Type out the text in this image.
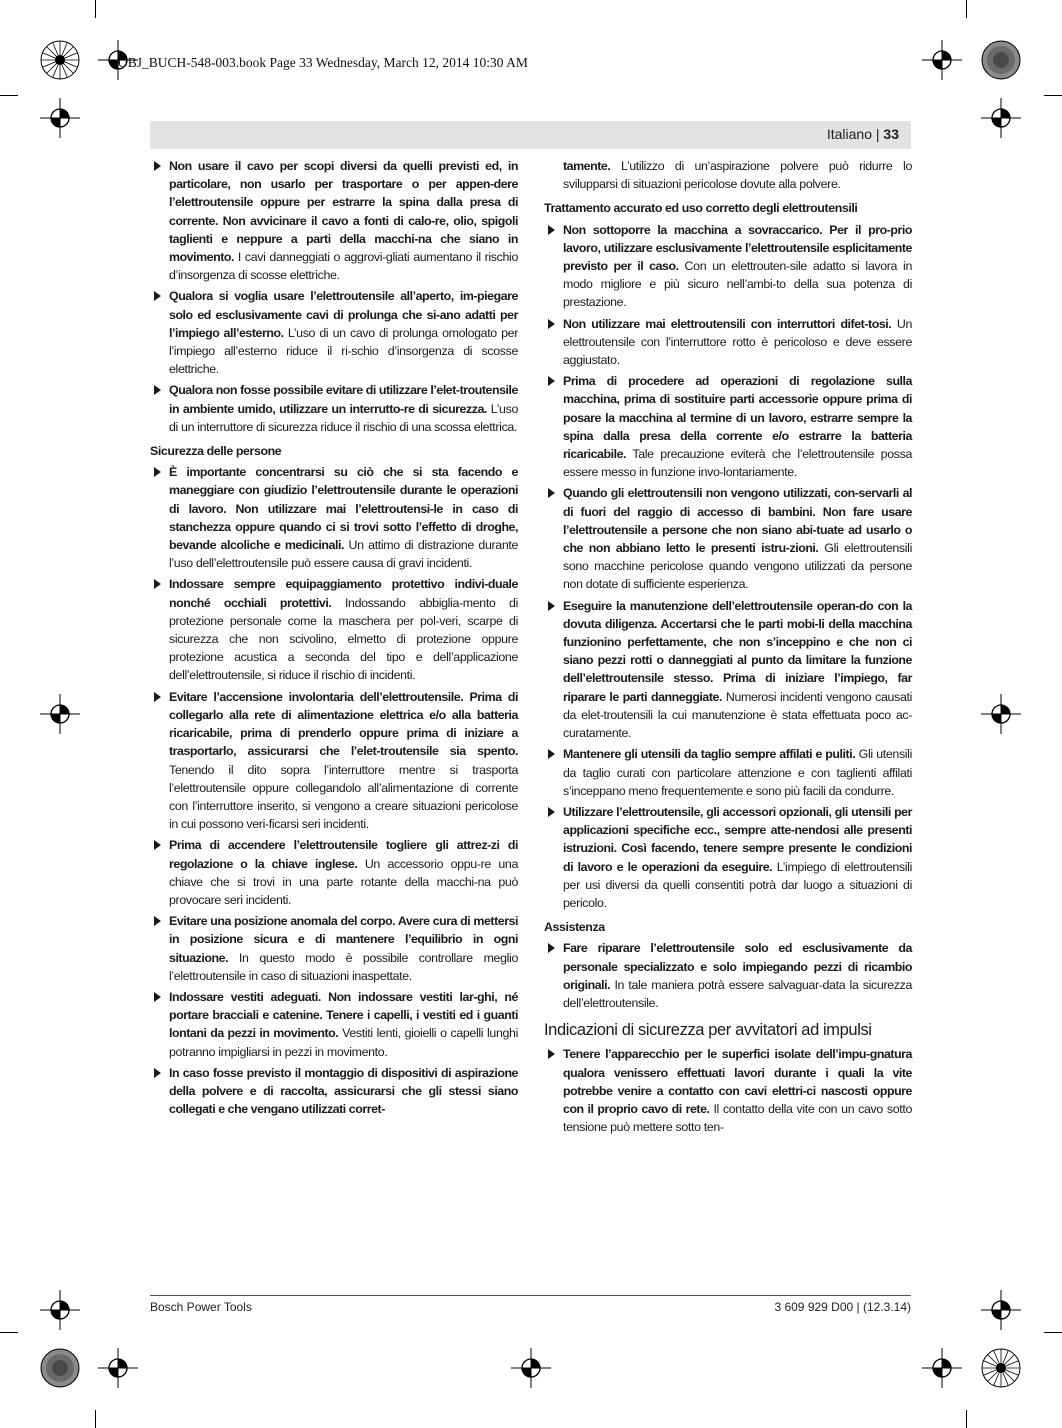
OBJ_BUCH-548-003.book Page 33 Wednesday, March 12, 2014 10:30 AM
Italiano | 33
Non usare il cavo per scopi diversi da quelli previsti ed, in particolare, non usarlo per trasportare o per appen-dere l’elettroutensile oppure per estrarre la spina dalla presa di corrente. Non avvicinare il cavo a fonti di calo-re, olio, spigoli taglienti e neppure a parti della macchi-na che siano in movimento. I cavi danneggiati o aggrovi-gliati aumentano il rischio d’insorgenza di scosse elettriche.
Qualora si voglia usare l’elettroutensile all’aperto, im-piegare solo ed esclusivamente cavi di prolunga che si-ano adatti per l’impiego all’esterno. L’uso di un cavo di prolunga omologato per l’impiego all’esterno riduce il ri-schio d’insorgenza di scosse elettriche.
Qualora non fosse possibile evitare di utilizzare l’elet-troutensile in ambiente umido, utilizzare un interrutto-re di sicurezza. L’uso di un interruttore di sicurezza riduce il rischio di una scossa elettrica.
Sicurezza delle persone
È importante concentrarsi su ciò che si sta facendo e maneggiare con giudizio l’elettroutensile durante le operazioni di lavoro. Non utilizzare mai l’elettroutensi-le in caso di stanchezza oppure quando ci si trovi sotto l’effetto di droghe, bevande alcoliche e medicinali. Un attimo di distrazione durante l’uso dell’elettroutensile può essere causa di gravi incidenti.
Indossare sempre equipaggiamento protettivo indivi-duale nonché occhiali protettivi. Indossando abbiglia-mento di protezione personale come la maschera per pol-veri, scarpe di sicurezza che non scivolino, elmetto di protezione oppure protezione acustica a seconda del tipo e dell’applicazione dell’elettroutensile, si riduce il rischio di incidenti.
Evitare l’accensione involontaria dell’elettroutensile. Prima di collegarlo alla rete di alimentazione elettrica e/o alla batteria ricaricabile, prima di prenderlo oppure prima di iniziare a trasportarlo, assicurarsi che l’elet-troutensile sia spento. Tenendo il dito sopra l’interruttore mentre si trasporta l’elettroutensile oppure collegandolo all’alimentazione di corrente con l’interruttore inserito, si vengono a creare situazioni pericolose in cui possono veri-ficarsi seri incidenti.
Prima di accendere l’elettroutensile togliere gli attrez-zi di regolazione o la chiave inglese. Un accessorio oppu-re una chiave che si trovi in una parte rotante della macchi-na può provocare seri incidenti.
Evitare una posizione anomala del corpo. Avere cura di mettersi in posizione sicura e di mantenere l’equilibrio in ogni situazione. In questo modo è possibile controllare meglio l’elettroutensile in caso di situazioni inaspettate.
Indossare vestiti adeguati. Non indossare vestiti lar-ghi, né portare bracciali e catenine. Tenere i capelli, i vestiti ed i guanti lontani da pezzi in movimento. Vestiti lenti, gioielli o capelli lunghi potranno impigliarsi in pezzi in movimento.
In caso fosse previsto il montaggio di dispositivi di aspirazione della polvere e di raccolta, assicurarsi che gli stessi siano collegati e che vengano utilizzati corret-
tamente. L’utilizzo di un’aspirazione polvere può ridurre lo svilupparsi di situazioni pericolose dovute alla polvere.
Trattamento accurato ed uso corretto degli elettroutensili
Non sottoporre la macchina a sovraccarico. Per il pro-prio lavoro, utilizzare esclusivamente l’elettroutensile esplicitamente previsto per il caso. Con un elettrouten-sile adatto si lavora in modo migliore e più sicuro nell’ambi-to della sua potenza di prestazione.
Non utilizzare mai elettroutensili con interruttori difet-tosi. Un elettroutensile con l’interruttore rotto è pericoloso e deve essere aggiustato.
Prima di procedere ad operazioni di regolazione sulla macchina, prima di sostituire parti accessorie oppure prima di posare la macchina al termine di un lavoro, estrarre sempre la spina dalla presa della corrente e/o estrarre la batteria ricaricabile. Tale precauzione eviterà che l’elettroutensile possa essere messo in funzione invo-lontariamente.
Quando gli elettroutensili non vengono utilizzati, con-servarli al di fuori del raggio di accesso di bambini. Non fare usare l’elettroutensile a persone che non siano abi-tuate ad usarlo o che non abbiano letto le presenti istru-zioni. Gli elettroutensili sono macchine pericolose quando vengono utilizzati da persone non dotate di sufficiente esperienza.
Eseguire la manutenzione dell’elettroutensile operan-do con la dovuta diligenza. Accertarsi che le parti mobi-li della macchina funzionino perfettamente, che non s’inceppino e che non ci siano pezzi rotti o danneggiati al punto da limitare la funzione dell’elettroutensile stesso. Prima di iniziare l’impiego, far riparare le parti danneggiate. Numerosi incidenti vengono causati da elet-troutensili la cui manutenzione è stata effettuata poco ac-curatamente.
Mantenere gli utensili da taglio sempre affilati e puliti. Gli utensili da taglio curati con particolare attenzione e con taglienti affilati s’inceppano meno frequentemente e sono più facili da condurre.
Utilizzare l’elettroutensile, gli accessori opzionali, gli utensili per applicazioni specifiche ecc., sempre atte-nendosi alle presenti istruzioni. Così facendo, tenere sempre presente le condizioni di lavoro e le operazioni da eseguire. L’impiego di elettroutensili per usi diversi da quelli consentiti potrà dar luogo a situazioni di pericolo.
Assistenza
Fare riparare l’elettroutensile solo ed esclusivamente da personale specializzato e solo impiegando pezzi di ricambio originali. In tale maniera potrà essere salvaguar-data la sicurezza dell’elettroutensile.
Indicazioni di sicurezza per avvitatori ad impulsi
Tenere l’apparecchio per le superfici isolate dell’impu-gnatura qualora venissero effettuati lavori durante i quali la vite potrebbe venire a contatto con cavi elettri-ci nascosti oppure con il proprio cavo di rete. Il contatto della vite con un cavo sotto tensione può mettere sotto ten-
Bosch Power Tools	3 609 929 D00 | (12.3.14)
